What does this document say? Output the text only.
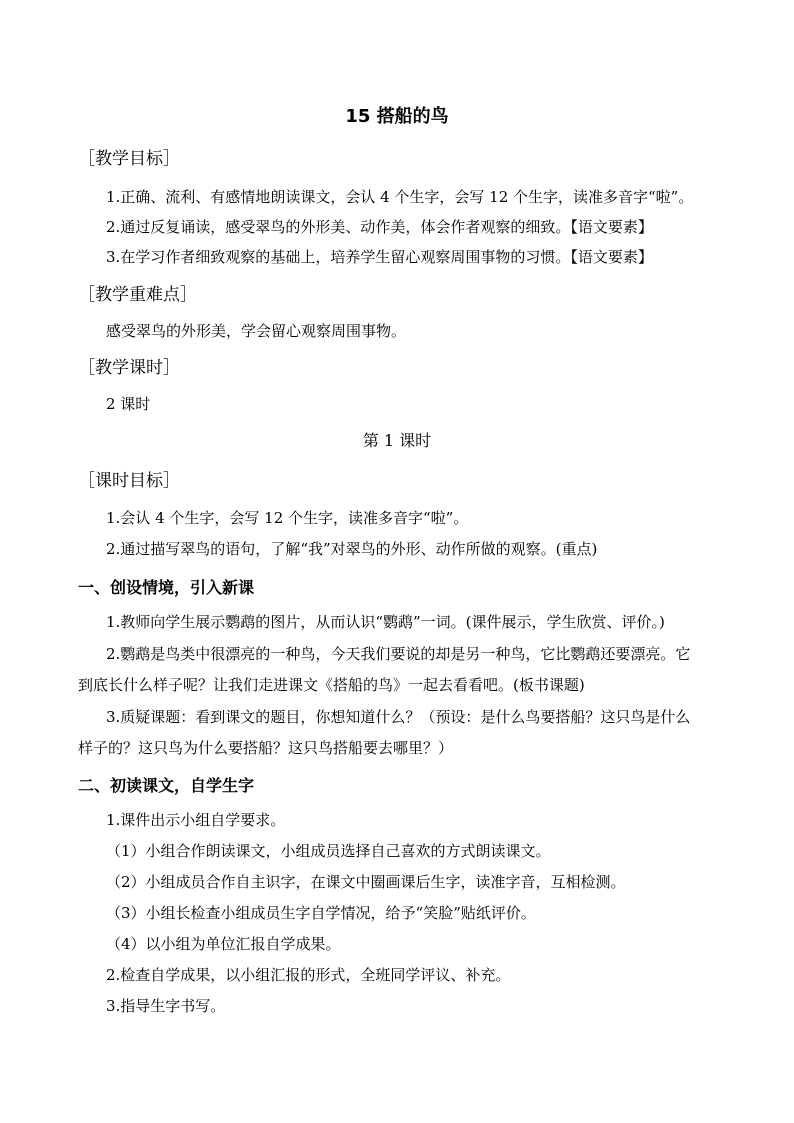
15 搭船的鸟
［教学目标］
1.正确、流利、有感情地朗读课文，会认 4 个生字，会写 12 个生字，读准多音字“啦”。
2.通过反复诵读，感受翠鸟的外形美、动作美，体会作者观察的细致。【语文要素】
3.在学习作者细致观察的基础上，培养学生留心观察周围事物的习惯。【语文要素】
［教学重难点］
感受翠鸟的外形美，学会留心观察周围事物。
［教学课时］
2 课时
第 1 课时
［课时目标］
1.会认 4 个生字，会写 12 个生字，读准多音字“啦”。
2.通过描写翠鸟的语句，了解“我”对翠鸟的外形、动作所做的观察。(重点)
一、创设情境，引入新课
1.教师向学生展示鹦鹉的图片，从而认识“鹦鹉”一词。(课件展示，学生欣赏、评价。)
2.鹦鹉是鸟类中很漂亮的一种鸟，今天我们要说的却是另一种鸟，它比鹦鹉还要漂亮。它
到底长什么样子呢？让我们走进课文《搭船的鸟》一起去看看吧。(板书课题)
3.质疑课题：看到课文的题目，你想知道什么？（预设：是什么鸟要搭船？这只鸟是什么
样子的？这只鸟为什么要搭船？这只鸟搭船要去哪里？）
二、初读课文，自学生字
1.课件出示小组自学要求。
（1）小组合作朗读课文，小组成员选择自己喜欢的方式朗读课文。
（2）小组成员合作自主识字，在课文中圈画课后生字，读准字音，互相检测。
（3）小组长检查小组成员生字自学情况，给予“笑脸”贴纸评价。
（4）以小组为单位汇报自学成果。
2.检查自学成果，以小组汇报的形式，全班同学评议、补充。
3.指导生字书写。
